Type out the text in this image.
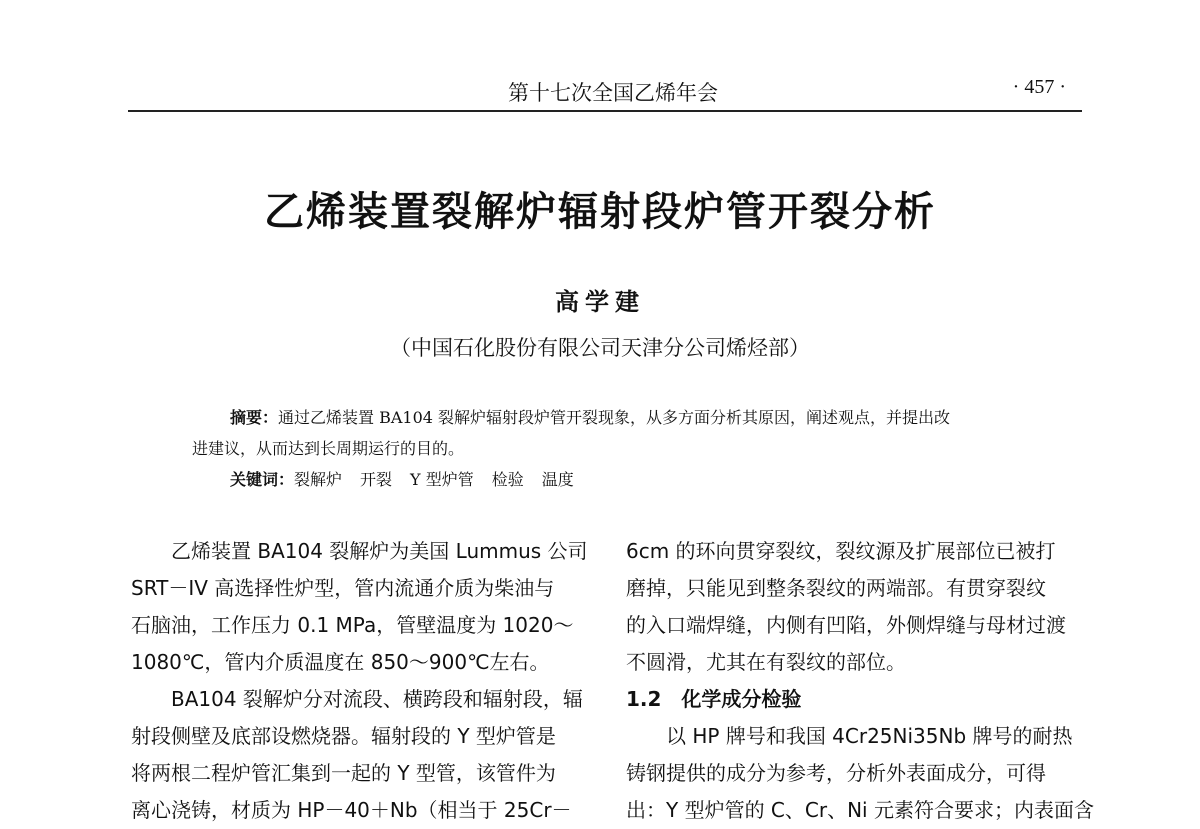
第十七次全国乙烯年会	· 457 ·
乙烯装置裂解炉辐射段炉管开裂分析
高学建
（中国石化股份有限公司天津分公司烯烃部）

摘要：通过乙烯装置 BA104 裂解炉辐射段炉管开裂现象，从多方面分析其原因，阐述观点，并提出改

进建议，从而达到长周期运行的目的。

关键词：裂解炉 开裂 Y 型炉管 检验 温度

乙烯装置 BA104 裂解炉为美国 Lummus 公司

SRT－IV 高选择性炉型，管内流通介质为柴油与

石脑油，工作压力 0.1 MPa，管壁温度为 1020～

1080℃，管内介质温度在 850～900℃左右。

BA104 裂解炉分对流段、横跨段和辐射段，辐

射段侧壁及底部设燃烧器。辐射段的 Y 型炉管是

将两根二程炉管汇集到一起的 Y 型管，该管件为

离心浇铸，材质为 HP－40＋Nb（相当于 25Cr－

6cm 的环向贯穿裂纹，裂纹源及扩展部位已被打

磨掉，只能见到整条裂纹的两端部。有贯穿裂纹

的入口端焊缝，内侧有凹陷，外侧焊缝与母材过渡

不圆滑，尤其在有裂纹的部位。

1.2　化学成分检验

以 HP 牌号和我国 4Cr25Ni35Nb 牌号的耐热

铸钢提供的成分为参考，分析外表面成分，可得

出：Y 型炉管的 C、Cr、Ni 元素符合要求；内表面含
